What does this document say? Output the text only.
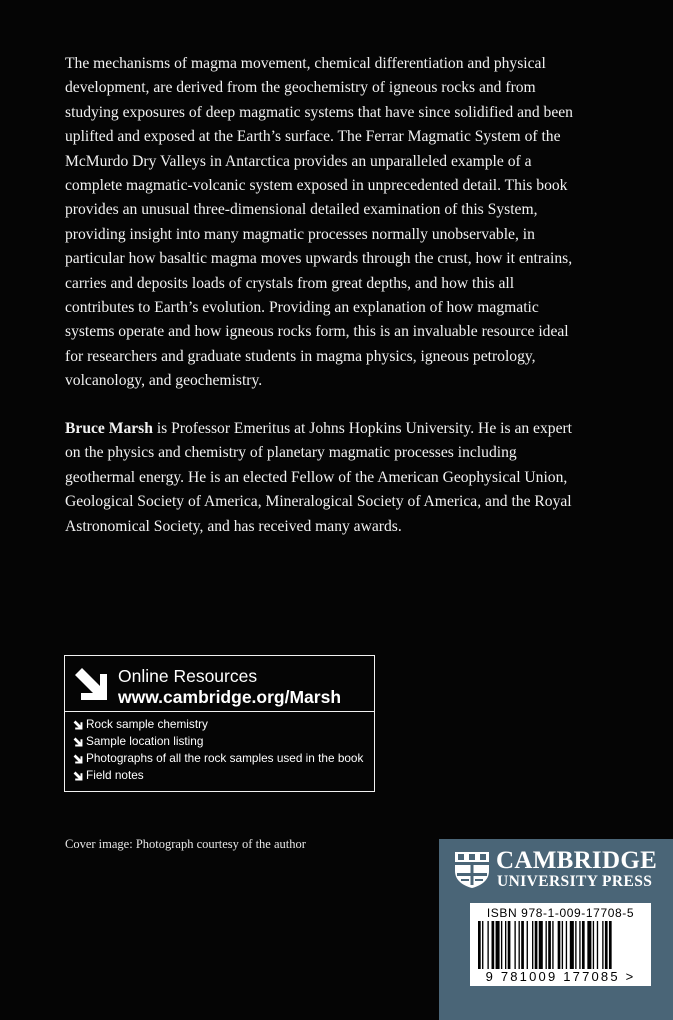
The mechanisms of magma movement, chemical differentiation and physical development, are derived from the geochemistry of igneous rocks and from studying exposures of deep magmatic systems that have since solidified and been uplifted and exposed at the Earth’s surface. The Ferrar Magmatic System of the McMurdo Dry Valleys in Antarctica provides an unparalleled example of a complete magmatic-volcanic system exposed in unprecedented detail. This book provides an unusual three-dimensional detailed examination of this System, providing insight into many magmatic processes normally unobservable, in particular how basaltic magma moves upwards through the crust, how it entrains, carries and deposits loads of crystals from great depths, and how this all contributes to Earth’s evolution. Providing an explanation of how magmatic systems operate and how igneous rocks form, this is an invaluable resource ideal for researchers and graduate students in magma physics, igneous petrology, volcanology, and geochemistry.

Bruce Marsh is Professor Emeritus at Johns Hopkins University. He is an expert on the physics and chemistry of planetary magmatic processes including geothermal energy. He is an elected Fellow of the American Geophysical Union, Geological Society of America, Mineralogical Society of America, and the Royal Astronomical Society, and has received many awards.

Online Resources
www.cambridge.org/Marsh
Rock sample chemistry
Sample location listing
Photographs of all the rock samples used in the book
Field notes
Cover image: Photograph courtesy of the author
CAMBRIDGE
UNIVERSITY PRESS
ISBN 978-1-009-17708-5
9 781009 177085 >
